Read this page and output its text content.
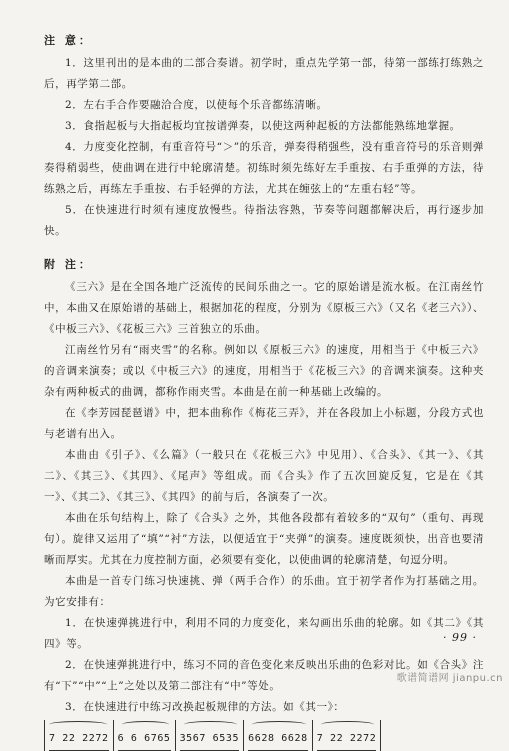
注 意：

1．这里刊出的是本曲的二部合奏谱。初学时，重点先学第一部，待第一部练打练熟之后，再学第二部。

2．左右手合作要融洽合度，以使每个乐音都练清晰。

3．食指起板与大指起板均宜按谱弹奏，以使这两种起板的方法都能熟练地掌握。

4．力度变化控制，有重音符号“＞”的乐音，弹奏得稍强些，没有重音符号的乐音则弹奏得稍弱些，使曲调在进行中轮廓清楚。初练时须先练好左手重按、右手重弹的方法，待练熟之后，再练左手重按、右手轻弹的方法，尤其在缠弦上的“左重右轻”等。

5．在快速进行时须有速度放慢些。待指法容熟，节奏等问题都解决后，再行逐步加快。

附 注：

《三六》是在全国各地广泛流传的民间乐曲之一。它的原始谱是流水板。在江南丝竹中，本曲又在原始谱的基础上，根据加花的程度，分别为《原板三六》（又名《老三六》）、《中板三六》、《花板三六》三首独立的乐曲。

江南丝竹另有“雨夹雪”的名称。例如以《原板三六》的速度，用相当于《中板三六》的音调来演奏；或以《中板三六》的速度，用相当于《花板三六》的音调来演奏。这种夹杂有两种板式的曲调，都称作雨夹雪。本曲是在前一种基础上改编的。

在《李芳园琵琶谱》中，把本曲称作《梅花三弄》，并在各段加上小标题，分段方式也与老谱有出入。

本曲由《引子》、《么篇》（一般只在《花板三六》中见用）、《合头》、《其一》、《其二》、《其三》、《其四》、《尾声》等组成。而《合头》作了五次回旋反复，它是在《其一》、《其二》、《其三》、《其四》的前与后，各演奏了一次。

本曲在乐句结构上，除了《合头》之外，其他各段都有着较多的“双句”（重句、再现句）。旋律又运用了“填”“衬”方法，以便适宜于“夹弹”的演奏。速度既须快，出音也要清晰而厚实。尤其在力度控制方面，必须要有变化，以使曲调的轮廓清楚，句逗分明。

本曲是一首专门练习快速挑、弹（两手合作）的乐曲。宜于初学者作为打基础之用。为它安排有：

1．在快速弹挑进行中，利用不同的力度变化，来勾画出乐曲的轮廓。如《其二》《其四》等。

2．在快速弹挑进行中，练习不同的音色变化来反映出乐曲的色彩对比。如《合头》注有“下”“中”“上”之处以及第二部注有“中”等处。

3．在快速进行中练习改换起板规律的方法。如《其一》：

7 22 2272 6 6 6765 3567 6535 6628 6628 7 22 2272
· 99 ·
歌谱简谱网 jianpu.cn
